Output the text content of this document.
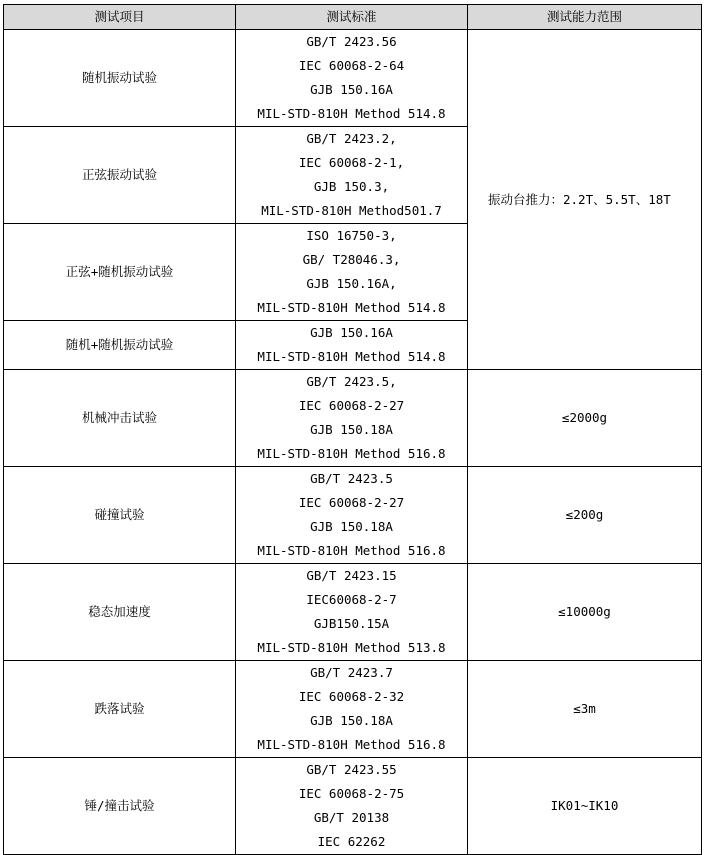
测试项目	测试标准	测试能力范围
随机振动试验	GB/T 2423.56
IEC 60068-2-64
GJB 150.16A
MIL-STD-810H Method 514.8	振动台推力：2.2T、5.5T、18T
正弦振动试验	GB/T 2423.2,
IEC 60068-2-1,
GJB 150.3,
MIL-STD-810H Method501.7	

正弦+随机振动试验	ISO 16750-3,
GB/ T28046.3,
GJB 150.16A,
MIL-STD-810H Method 514.8	

随机+随机振动试验	GJB 150.16A
MIL-STD-810H Method 514.8	

机械冲击试验	GB/T 2423.5,
IEC 60068-2-27
GJB 150.18A
MIL-STD-810H Method 516.8	≤2000g
碰撞试验	GB/T 2423.5
IEC 60068-2-27
GJB 150.18A
MIL-STD-810H Method 516.8	≤200g
稳态加速度	GB/T 2423.15
IEC60068-2-7
GJB150.15A
MIL-STD-810H Method 513.8	≤10000g
跌落试验	GB/T 2423.7
IEC 60068-2-32
GJB 150.18A
MIL-STD-810H Method 516.8	≤3m
锤/撞击试验	GB/T 2423.55
IEC 60068-2-75
GB/T 20138
IEC 62262	IK01~IK10
